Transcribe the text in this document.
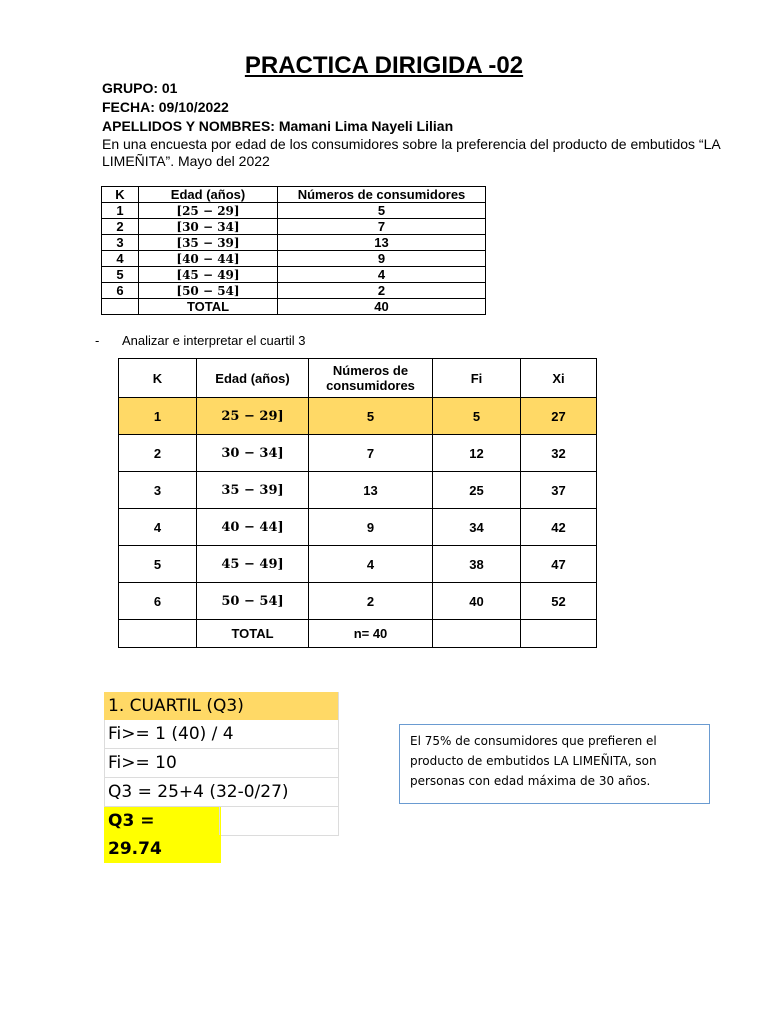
PRACTICA DIRIGIDA -02
GRUPO: 01
FECHA: 09/10/2022
APELLIDOS Y NOMBRES: Mamani Lima Nayeli Lilian
En una encuesta por edad de los consumidores sobre la preferencia del producto de embutidos “LA LIMEÑITA”. Mayo del 2022
K	Edad (años)	Números de consumidores
1	[25 − 29]	5
2	[30 − 34]	7
3	[35 − 39]	13
4	[40 − 44]	9
5	[45 − 49]	4
6	[50 − 54]	2
	TOTAL	40
- Analizar e interpretar el cuartil 3
K	Edad (años)	Números de consumidores	Fi	Xi
1	25 − 29]	5	5	27
2	30 − 34]	7	12	32
3	35 − 39]	13	25	37
4	40 − 44]	9	34	42
5	45 − 49]	4	38	47
6	50 − 54]	2	40	52
	TOTAL	n= 40		
1. CUARTIL (Q3)
Fi>= 1 (40) / 4
Fi>= 10
Q3 = 25+4 (32-0/27)
Q3 = 29.74
El 75% de consumidores que prefieren el producto de embutidos LA LIMEÑITA, son personas con edad máxima de 30 años.
